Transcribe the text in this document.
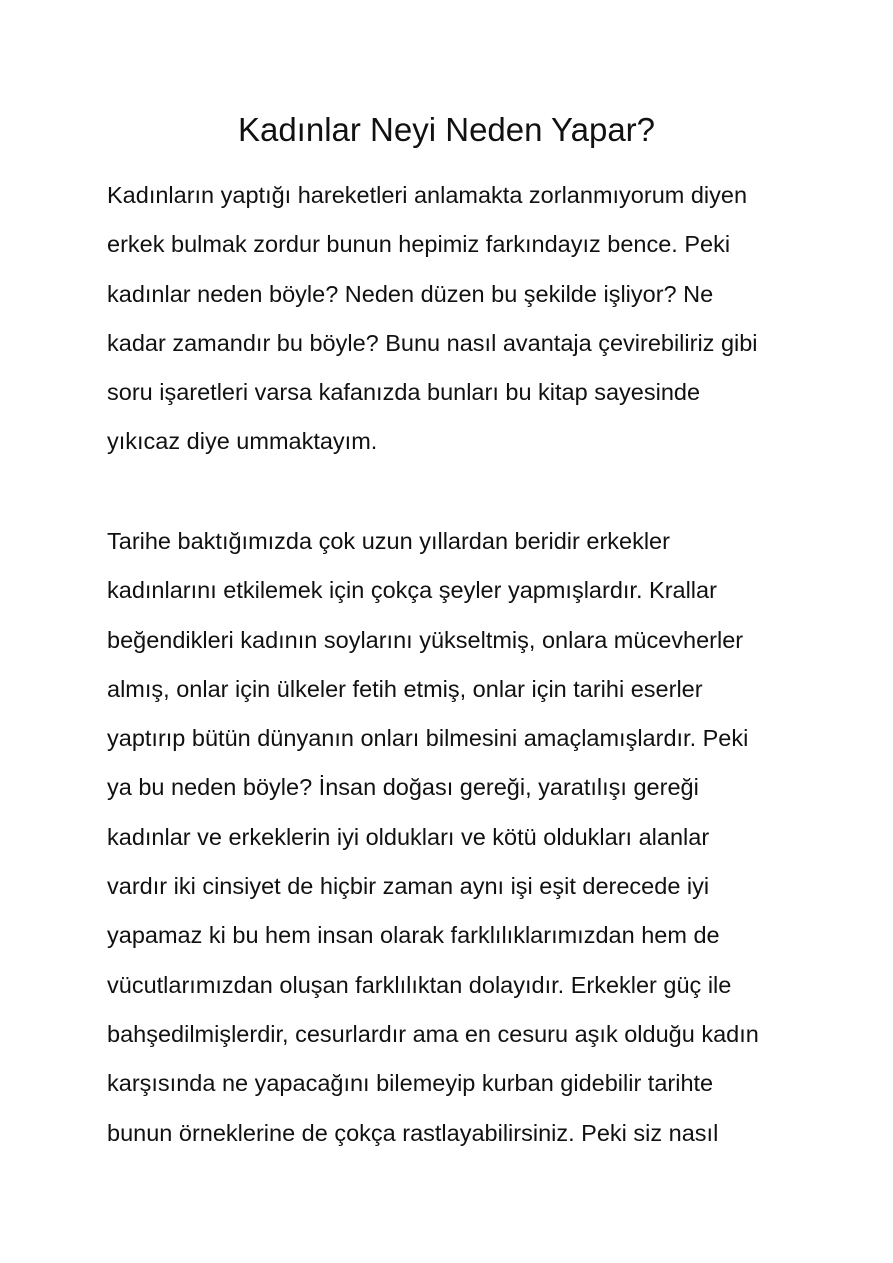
Kadınlar Neyi Neden Yapar?
Kadınların yaptığı hareketleri anlamakta zorlanmıyorum diyen
erkek bulmak zordur bunun hepimiz farkındayız bence. Peki
kadınlar neden böyle? Neden düzen bu şekilde işliyor? Ne
kadar zamandır bu böyle? Bunu nasıl avantaja çevirebiliriz gibi
soru işaretleri varsa kafanızda bunları bu kitap sayesinde
yıkıcaz diye ummaktayım.
Tarihe baktığımızda çok uzun yıllardan beridir erkekler
kadınlarını etkilemek için çokça şeyler yapmışlardır. Krallar
beğendikleri kadının soylarını yükseltmiş, onlara mücevherler
almış, onlar için ülkeler fetih etmiş, onlar için tarihi eserler
yaptırıp bütün dünyanın onları bilmesini amaçlamışlardır. Peki
ya bu neden böyle? İnsan doğası gereği, yaratılışı gereği
kadınlar ve erkeklerin iyi oldukları ve kötü oldukları alanlar
vardır iki cinsiyet de hiçbir zaman aynı işi eşit derecede iyi
yapamaz ki bu hem insan olarak farklılıklarımızdan hem de
vücutlarımızdan oluşan farklılıktan dolayıdır. Erkekler güç ile
bahşedilmişlerdir, cesurlardır ama en cesuru aşık olduğu kadın
karşısında ne yapacağını bilemeyip kurban gidebilir tarihte
bunun örneklerine de çokça rastlayabilirsiniz. Peki siz nasıl
